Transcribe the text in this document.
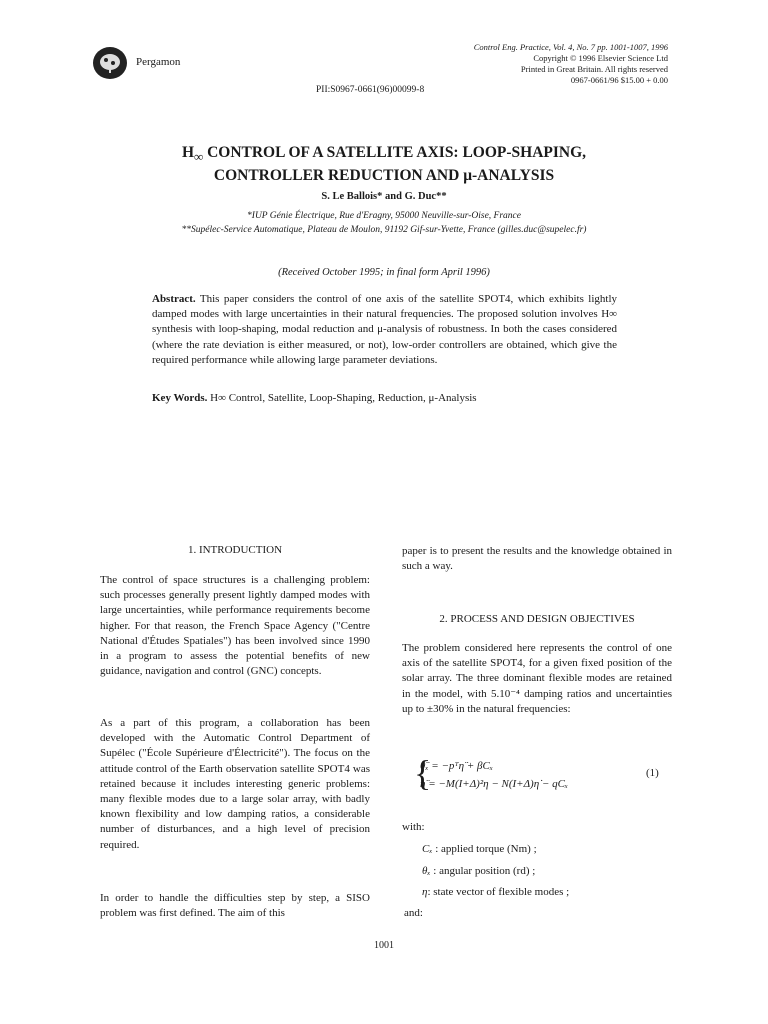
Pergamon
Control Eng. Practice, Vol. 4, No. 7 pp. 1001-1007, 1996
Copyright © 1996 Elsevier Science Ltd
Printed in Great Britain. All rights reserved
0967-0661/96 $15.00 + 0.00
PII:S0967-0661(96)00099-8
$H_\infty$ CONTROL OF A SATELLITE AXIS: LOOP-SHAPING,
CONTROLLER REDUCTION AND μ-ANALYSIS
S. Le Ballois* and G. Duc**
*IUP Génie Électrique, Rue d'Eragny, 95000 Neuville-sur-Oise, France
**Supélec-Service Automatique, Plateau de Moulon, 91192 Gif-sur-Yvette, France (gilles.duc@supelec.fr)
(Received October 1995; in final form April 1996)
Abstract. This paper considers the control of one axis of the satellite SPOT4, which exhibits lightly damped modes with large uncertainties in their natural frequencies. The proposed solution involves H∞ synthesis with loop-shaping, modal reduction and μ-analysis of robustness. In both the cases considered (where the rate deviation is either measured, or not), low-order controllers are obtained, which give the required performance while allowing large parameter deviations.
Key Words. H∞ Control, Satellite, Loop-Shaping, Reduction, μ-Analysis
1. INTRODUCTION
The control of space structures is a challenging problem: such processes generally present lightly damped modes with large uncertainties, while performance requirements become higher. For that reason, the French Space Agency ("Centre National d'Études Spatiales") has been involved since 1990 in a program to assess the potential benefits of new guidance, navigation and control (GNC) concepts.
As a part of this program, a collaboration has been developed with the Automatic Control Department of Supélec ("École Supérieure d'Électricité"). The focus on the attitude control of the Earth observation satellite SPOT4 was retained because it includes interesting generic problems: many flexible modes due to a large solar array, with badly known flexibility and low damping ratios, a considerable number of disturbances, and a high level of precision required.
In order to handle the difficulties step by step, a SISO problem was first defined. The aim of this
paper is to present the results and the knowledge obtained in such a way.
2. PROCESS AND DESIGN OBJECTIVES
The problem considered here represents the control of one axis of the satellite SPOT4, for a given fixed position of the solar array. The three dominant flexible modes are retained in the model, with 5.10⁻⁴ damping ratios and uncertainties up to ±30% in the natural frequencies:
{
θ̈ₓ = −pᵀη̈ + βCₓ
η̈ = −M(I+Δ)²η − N(I+Δ)η̇ − qCₓ
(1)
with:
Cₓ : applied torque (Nm) ;
θₓ : angular position (rd) ;
η: state vector of flexible modes ;
and:
1001
